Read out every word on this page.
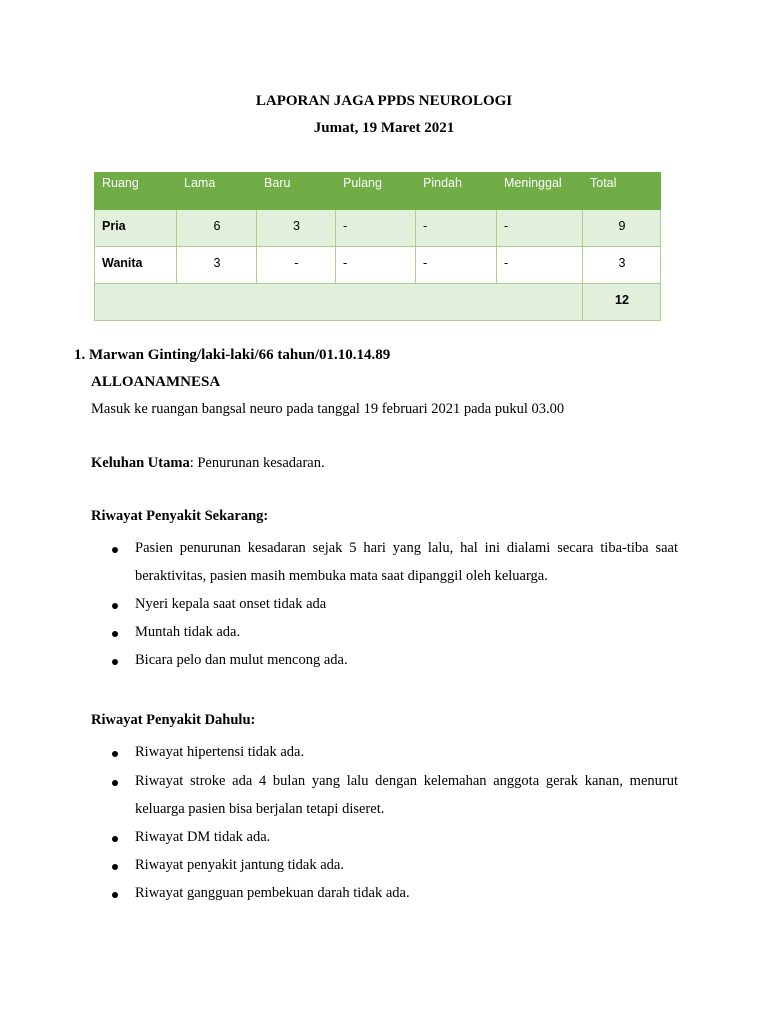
LAPORAN JAGA PPDS NEUROLOGI
Jumat, 19 Maret 2021
Ruang	Lama	Baru	Pulang	Pindah	Meninggal	Total
Pria	6	3	-	-	-	9
Wanita	3	-	-	-	-	3
						12
1. Marwan Ginting/laki-laki/66 tahun/01.10.14.89
ALLOANAMNESA
Masuk ke ruangan bangsal neuro pada tanggal 19 februari 2021 pada pukul 03.00
Keluhan Utama: Penurunan kesadaran.
Riwayat Penyakit Sekarang:
Pasien penurunan kesadaran sejak 5 hari yang lalu, hal ini dialami secara tiba-tiba saat beraktivitas, pasien masih membuka mata saat dipanggil oleh keluarga.
Nyeri kepala saat onset tidak ada
Muntah tidak ada.
Bicara pelo dan mulut mencong ada.
Riwayat Penyakit Dahulu:
Riwayat hipertensi tidak ada.
Riwayat stroke ada 4 bulan yang lalu dengan kelemahan anggota gerak kanan, menurut keluarga pasien bisa berjalan tetapi diseret.
Riwayat DM tidak ada.
Riwayat penyakit jantung tidak ada.
Riwayat gangguan pembekuan darah tidak ada.
